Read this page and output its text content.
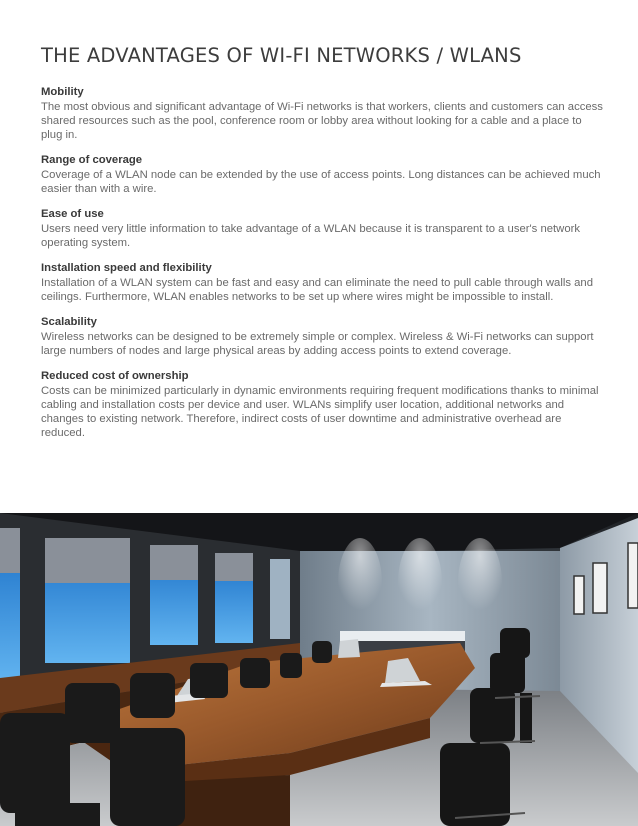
THE ADVANTAGES OF WI-FI NETWORKS / WLANS

Mobility

The most obvious and significant advantage of Wi-Fi networks is that workers, clients and customers can access shared resources such as the pool, conference room or lobby area without looking for a cable and a place to plug in.

Range of coverage

Coverage of a WLAN node can be extended by the use of access points. Long distances can be achieved much easier than with a wire.

Ease of use

Users need very little information to take advantage of a WLAN because it is transparent to a user's network operating system.

Installation speed and flexibility

Installation of a WLAN system can be fast and easy and can eliminate the need to pull cable through walls and ceilings. Furthermore, WLAN enables networks to be set up where wires might be impossible to install.

Scalability

Wireless networks can be designed to be extremely simple or complex. Wireless & Wi-Fi networks can support large numbers of nodes and large physical areas by adding access points to extend coverage.

Reduced cost of ownership

Costs can be minimized particularly in dynamic environments requiring frequent modifications thanks to minimal cabling and installation costs per device and user. WLANs simplify user location, additional networks and changes to existing network. Therefore, indirect costs of user downtime and administrative overhead are reduced.
